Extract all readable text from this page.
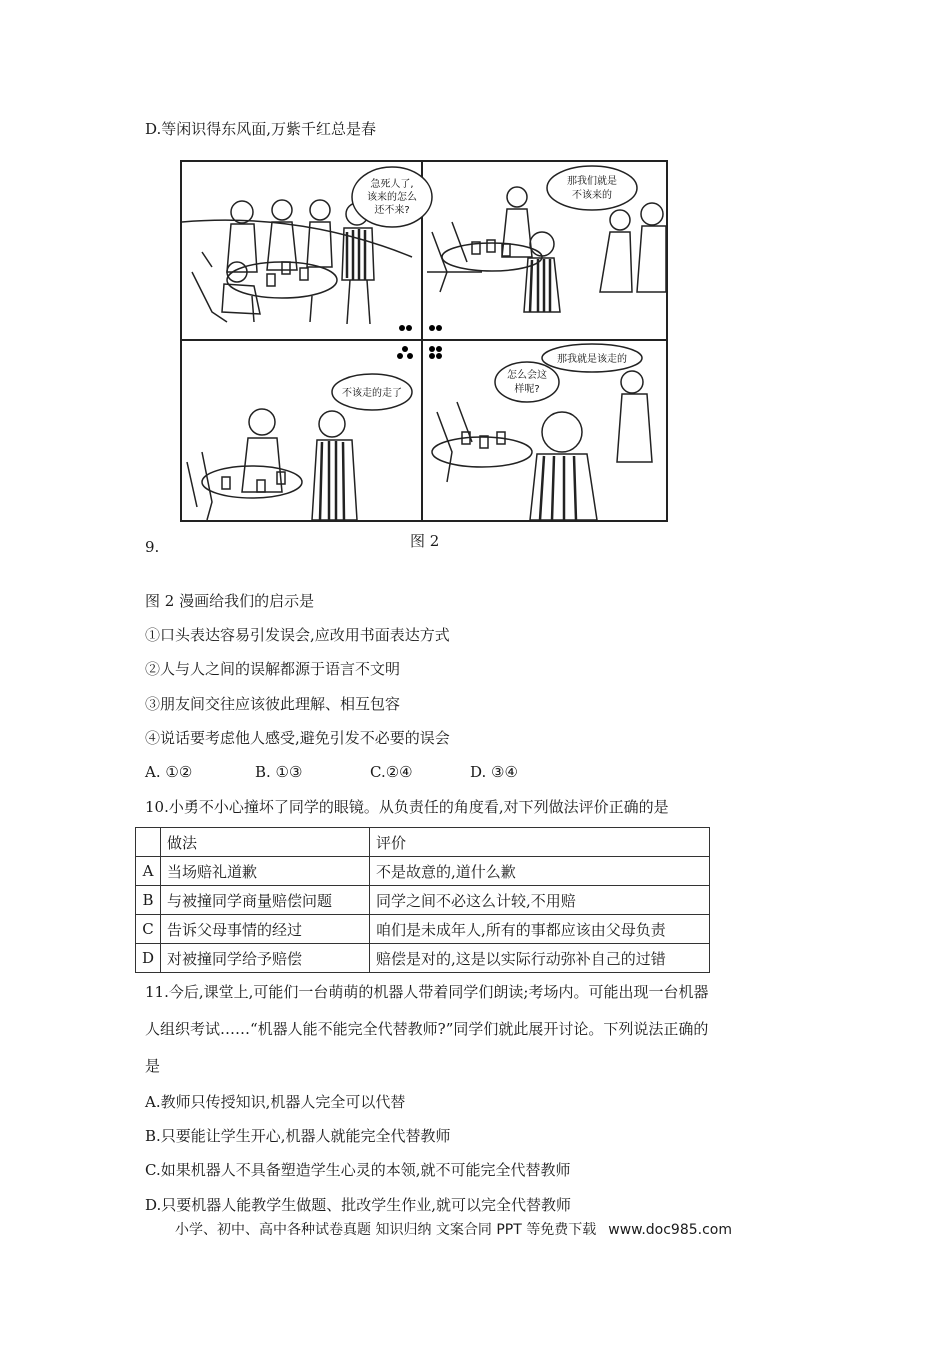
D.等闲识得东风面,万紫千红总是春
急死人了,
该来的怎么
还不来?
那我们就是
不该来的
不该走的走了
那我就是该走的
怎么会这
样呢?
图 2
9.
图 2 漫画给我们的启示是
①口头表达容易引发误会,应改用书面表达方式
②人与人之间的误解都源于语言不文明
③朋友间交往应该彼此理解、相互包容
④说话要考虑他人感受,避免引发不必要的误会
A. ①②	B. ①③	C.②④	D. ③④
10.小勇不小心撞坏了同学的眼镜。从负责任的角度看,对下列做法评价正确的是
	做法	评价
A	当场赔礼道歉	不是故意的,道什么歉
B	与被撞同学商量赔偿问题	同学之间不必这么计较,不用赔
C	告诉父母事情的经过	咱们是未成年人,所有的事都应该由父母负责
D	对被撞同学给予赔偿	赔偿是对的,这是以实际行动弥补自己的过错
11.今后,课堂上,可能们一台萌萌的机器人带着同学们朗读;考场内。可能出现一台机器
人组织考试……“机器人能不能完全代替教师?”同学们就此展开讨论。下列说法正确的
是
A.教师只传授知识,机器人完全可以代替
B.只要能让学生开心,机器人就能完全代替教师
C.如果机器人不具备塑造学生心灵的本领,就不可能完全代替教师
D.只要机器人能教学生做题、批改学生作业,就可以完全代替教师
小学、初中、高中各种试卷真题 知识归纳 文案合同 PPT 等免费下载 www.doc985.com
